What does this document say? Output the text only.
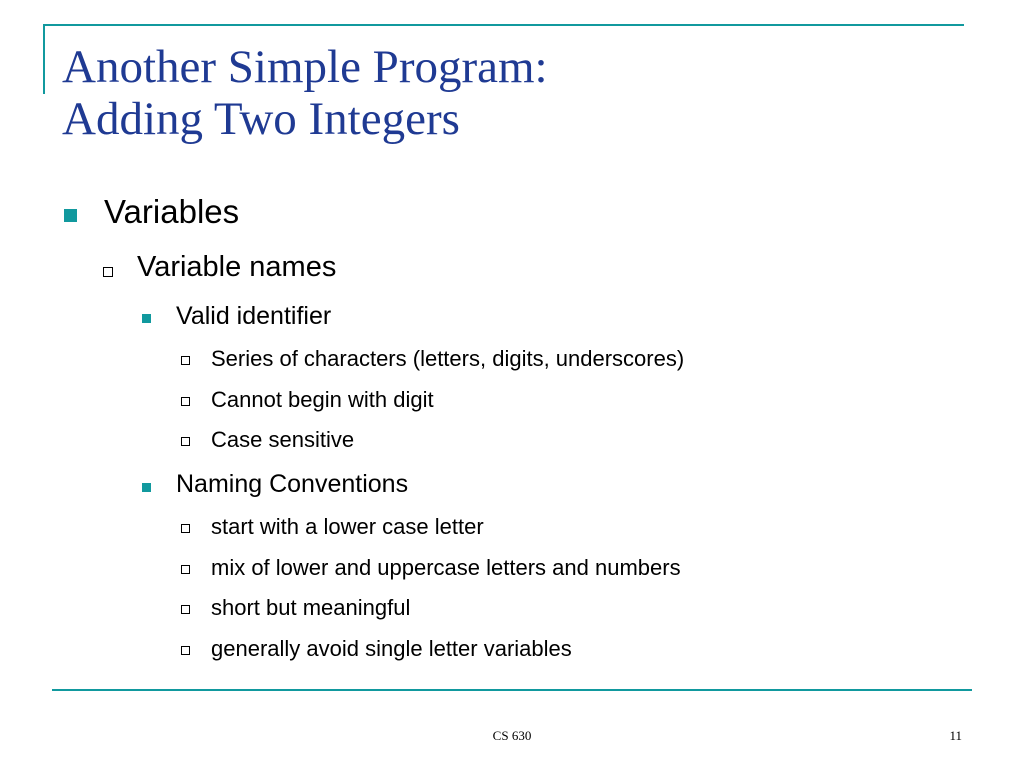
Another Simple Program:
Adding Two Integers
Variables
Variable names
Valid identifier
Series of characters (letters, digits, underscores)
Cannot begin with digit
Case sensitive
Naming Conventions
start with a lower case letter
mix of lower and uppercase letters and numbers
short but meaningful
generally avoid single letter variables
CS 630	11
